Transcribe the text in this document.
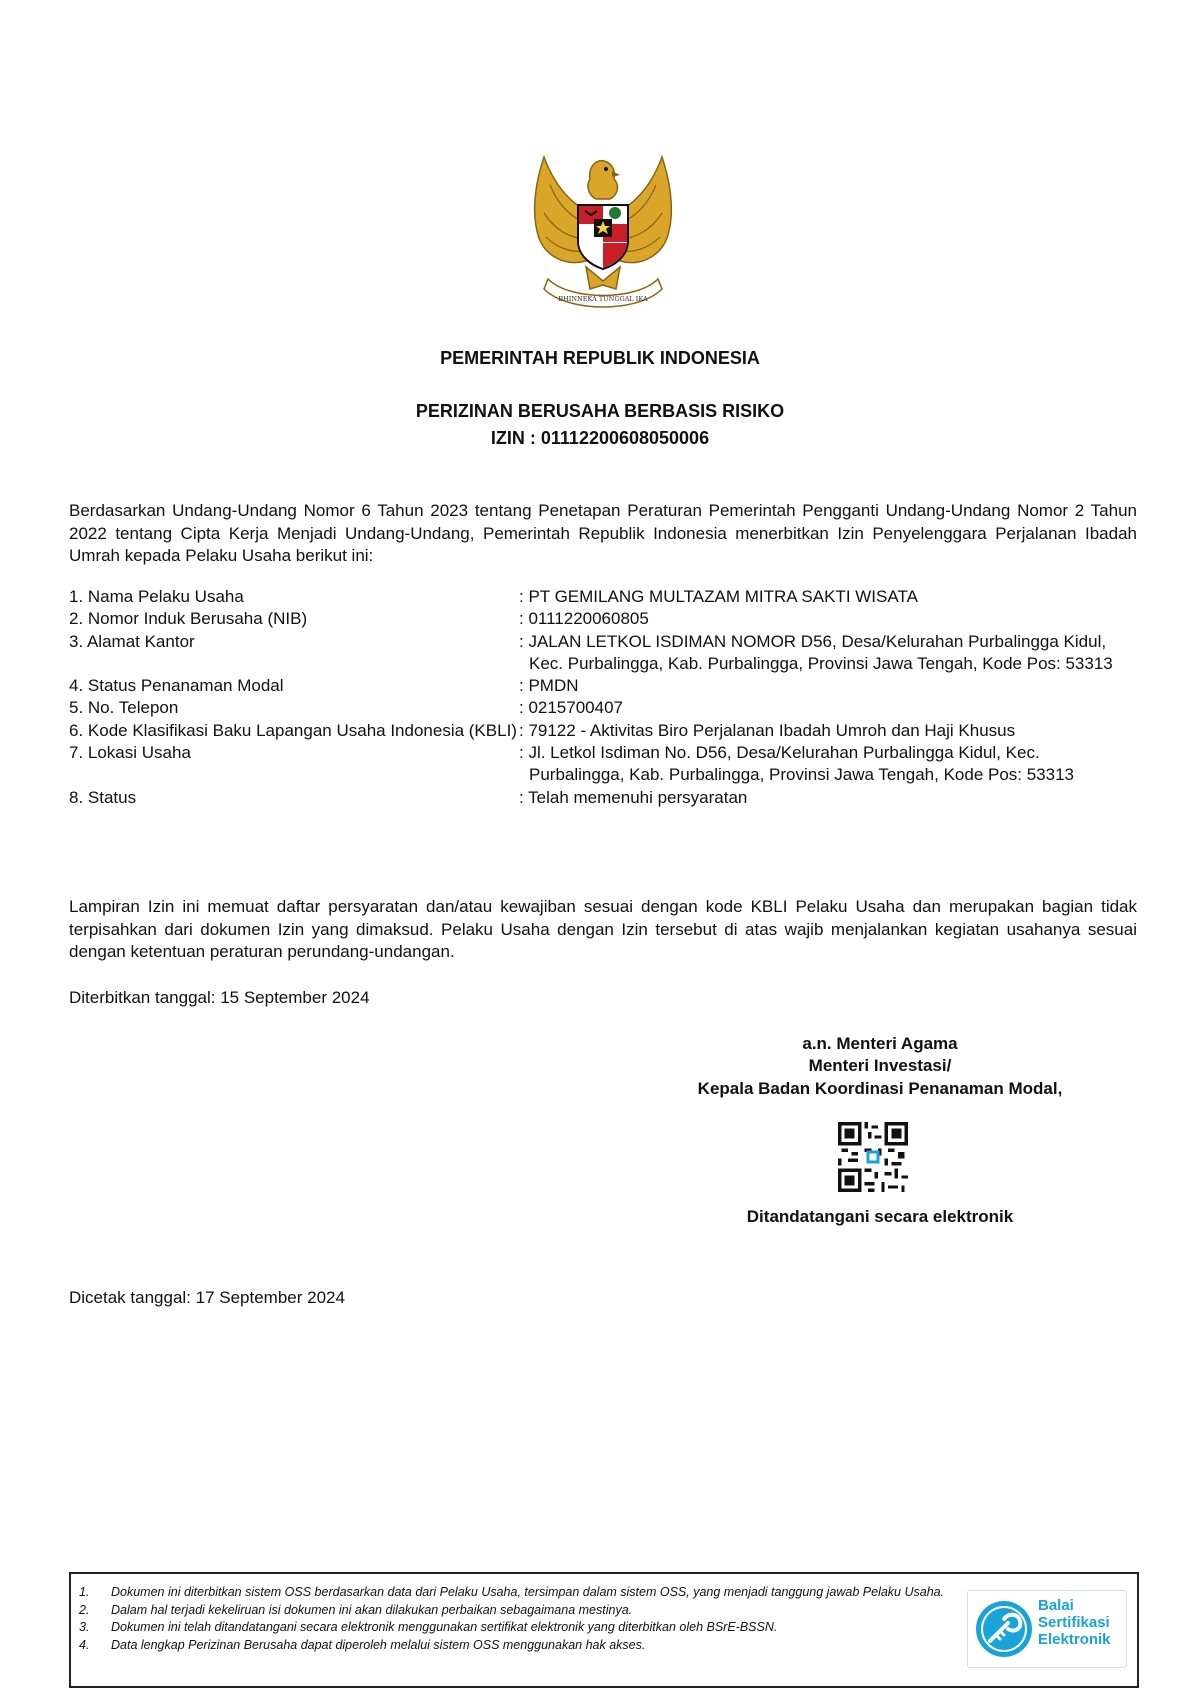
BHINNEKA TUNGGAL IKA
PEMERINTAH REPUBLIK INDONESIA
PERIZINAN BERUSAHA BERBASIS RISIKO
IZIN : 01112200608050006
Berdasarkan Undang-Undang Nomor 6 Tahun 2023 tentang Penetapan Peraturan Pemerintah Pengganti Undang-Undang Nomor 2 Tahun 2022 tentang Cipta Kerja Menjadi Undang-Undang, Pemerintah Republik Indonesia menerbitkan Izin Penyelenggara Perjalanan Ibadah Umrah kepada Pelaku Usaha berikut ini:
1. Nama Pelaku Usaha	: PT GEMILANG MULTAZAM MITRA SAKTI WISATA
2. Nomor Induk Berusaha (NIB)	: 0111220060805
3. Alamat Kantor	: JALAN LETKOL ISDIMAN NOMOR D56, Desa/Kelurahan Purbalingga Kidul, Kec. Purbalingga, Kab. Purbalingga, Provinsi Jawa Tengah, Kode Pos: 53313
4. Status Penanaman Modal	: PMDN
5. No. Telepon	: 0215700407
6. Kode Klasifikasi Baku Lapangan Usaha Indonesia (KBLI) : 79122 - Aktivitas Biro Perjalanan Ibadah Umroh dan Haji Khusus
7. Lokasi Usaha	: Jl. Letkol Isdiman No. D56, Desa/Kelurahan Purbalingga Kidul, Kec. Purbalingga, Kab. Purbalingga, Provinsi Jawa Tengah, Kode Pos: 53313
8. Status	: Telah memenuhi persyaratan
Lampiran Izin ini memuat daftar persyaratan dan/atau kewajiban sesuai dengan kode KBLI Pelaku Usaha dan merupakan bagian tidak terpisahkan dari dokumen Izin yang dimaksud. Pelaku Usaha dengan Izin tersebut di atas wajib menjalankan kegiatan usahanya sesuai dengan ketentuan peraturan perundang-undangan.
Diterbitkan tanggal: 15 September 2024
a.n. Menteri Agama
Menteri Investasi/
Kepala Badan Koordinasi Penanaman Modal,
Ditandatangani secara elektronik
Dicetak tanggal: 17 September 2024
1.	Dokumen ini diterbitkan sistem OSS berdasarkan data dari Pelaku Usaha, tersimpan dalam sistem OSS, yang menjadi tanggung jawab Pelaku Usaha.
2.	Dalam hal terjadi kekeliruan isi dokumen ini akan dilakukan perbaikan sebagaimana mestinya.
3.	Dokumen ini telah ditandatangani secara elektronik menggunakan sertifikat elektronik yang diterbitkan oleh BSrE-BSSN.
4.	Data lengkap Perizinan Berusaha dapat diperoleh melalui sistem OSS menggunakan hak akses.
Balai
Sertifikasi
Elektronik
